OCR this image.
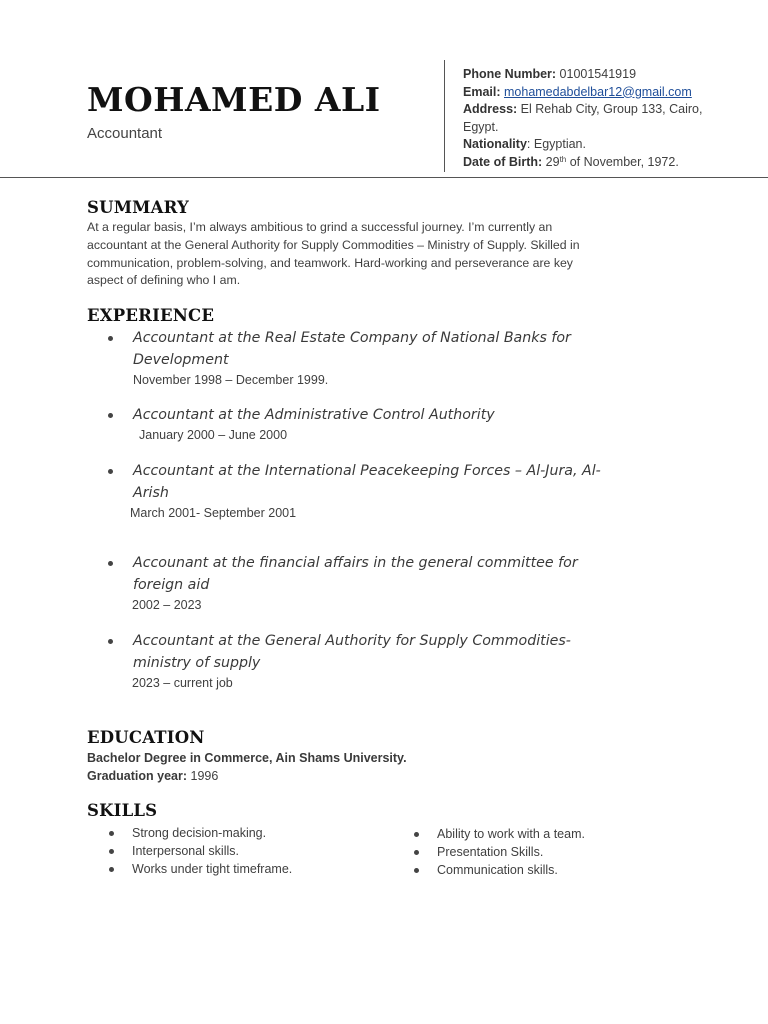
MOHAMED ALI
Accountant
Phone Number: 01001541919
Email: mohamedabdelbar12@gmail.com
Address: El Rehab City, Group 133, Cairo, Egypt.
Nationality: Egyptian.
Date of Birth: 29th of November, 1972.
SUMMARY
At a regular basis, I’m always ambitious to grind a successful journey. I’m currently an accountant at the General Authority for Supply Commodities – Ministry of Supply. Skilled in communication, problem-solving, and teamwork. Hard-working and perseverance are key aspect of defining who I am.
EXPERIENCE
Accountant at the Real Estate Company of National Banks for Development
November 1998 – December 1999.
Accountant at the Administrative Control Authority
January 2000 – June 2000
Accountant at the International Peacekeeping Forces – Al-Jura, Al-Arish
March 2001- September 2001
Accounant at the financial affairs in the general committee for foreign aid
2002 – 2023
Accountant at the General Authority for Supply Commodities- ministry of supply
2023 – current job
EDUCATION
Bachelor Degree in Commerce, Ain Shams University.
Graduation year: 1996
SKILLS
Strong decision-making.
Interpersonal skills.
Works under tight timeframe.
Ability to work with a team.
Presentation Skills.
Communication skills.
